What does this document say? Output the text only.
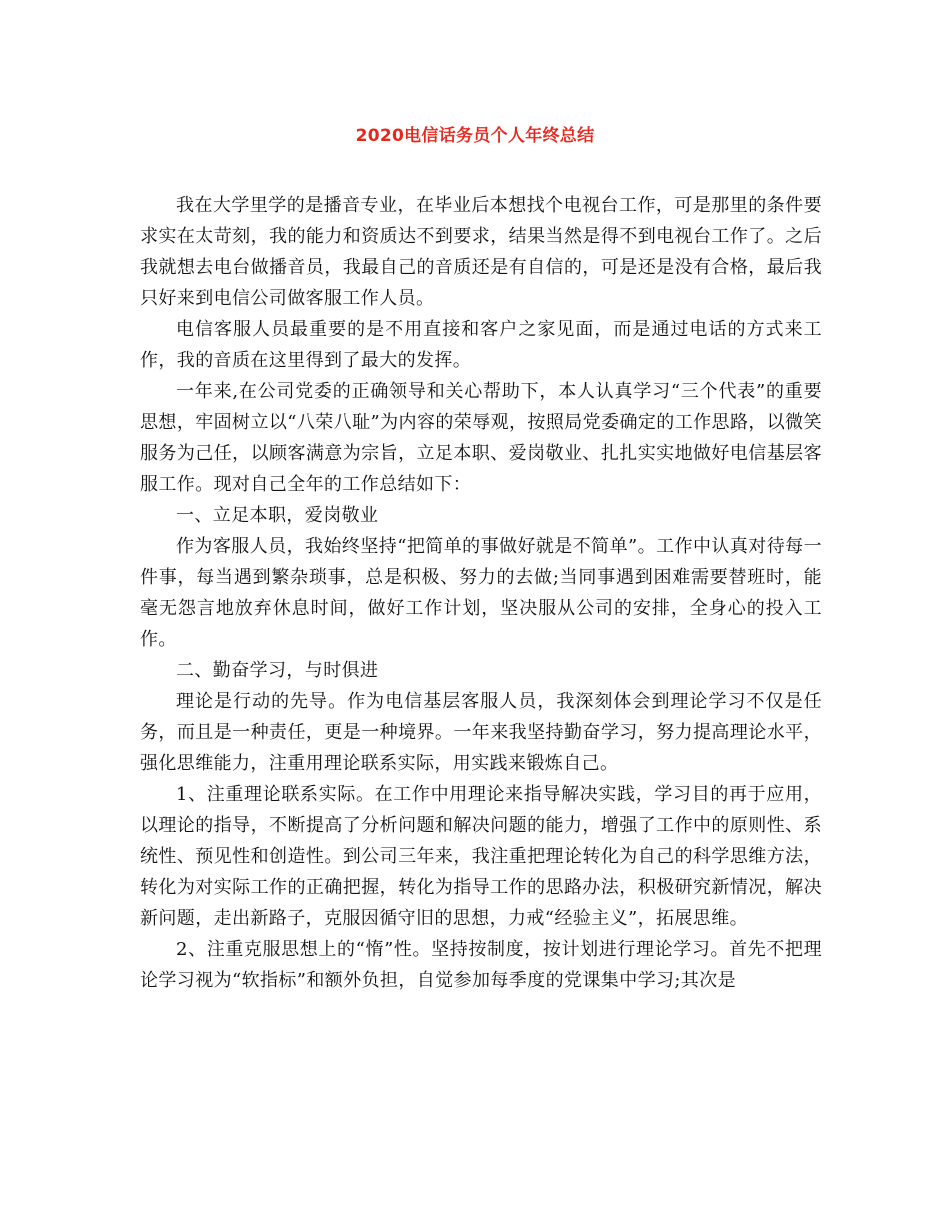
2020电信话务员个人年终总结

我在大学里学的是播音专业，在毕业后本想找个电视台工作，可是那里的条件要求实在太苛刻，我的能力和资质达不到要求，结果当然是得不到电视台工作了。之后我就想去电台做播音员，我最自己的音质还是有自信的，可是还是没有合格，最后我只好来到电信公司做客服工作人员。

电信客服人员最重要的是不用直接和客户之家见面，而是通过电话的方式来工作，我的音质在这里得到了最大的发挥。

一年来,在公司党委的正确领导和关心帮助下，本人认真学习“三个代表”的重要思想，牢固树立以“八荣八耻”为内容的荣辱观，按照局党委确定的工作思路，以微笑服务为己任，以顾客满意为宗旨，立足本职、爱岗敬业、扎扎实实地做好电信基层客服工作。现对自己全年的工作总结如下：

一、立足本职，爱岗敬业

作为客服人员，我始终坚持“把简单的事做好就是不简单”。工作中认真对待每一件事，每当遇到繁杂琐事，总是积极、努力的去做;当同事遇到困难需要替班时，能毫无怨言地放弃休息时间，做好工作计划，坚决服从公司的安排，全身心的投入工作。

二、勤奋学习，与时俱进

理论是行动的先导。作为电信基层客服人员，我深刻体会到理论学习不仅是任务，而且是一种责任，更是一种境界。一年来我坚持勤奋学习，努力提高理论水平，强化思维能力，注重用理论联系实际，用实践来锻炼自己。

1、注重理论联系实际。在工作中用理论来指导解决实践，学习目的再于应用，以理论的指导，不断提高了分析问题和解决问题的能力，增强了工作中的原则性、系统性、预见性和创造性。到公司三年来，我注重把理论转化为自己的科学思维方法，转化为对实际工作的正确把握，转化为指导工作的思路办法，积极研究新情况，解决新问题，走出新路子，克服因循守旧的思想，力戒“经验主义”，拓展思维。

2、注重克服思想上的“惰”性。坚持按制度，按计划进行理论学习。首先不把理论学习视为“软指标”和额外负担，自觉参加每季度的党课集中学习;其次是
